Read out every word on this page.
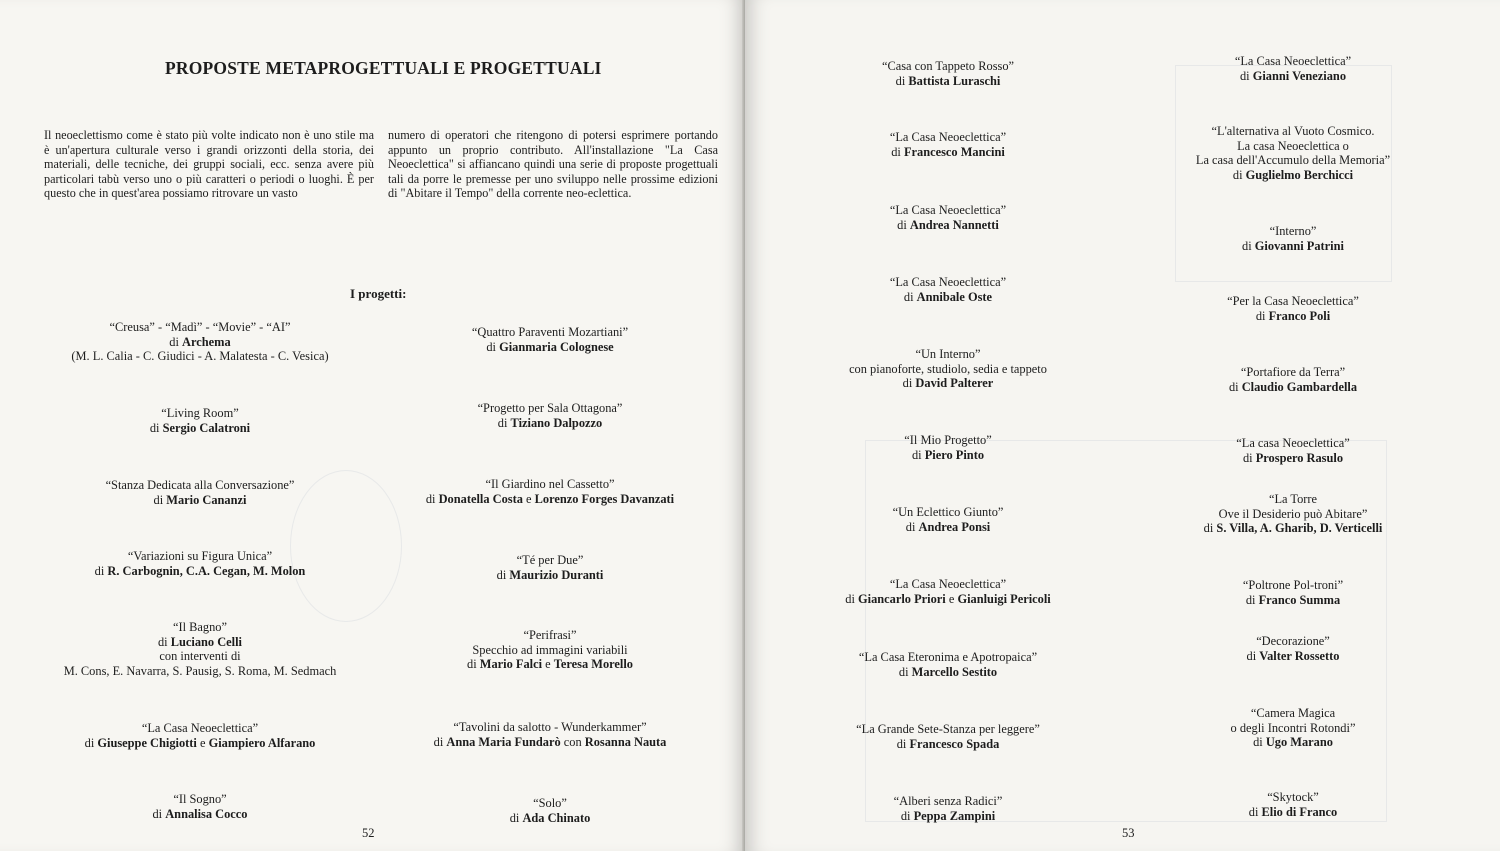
PROPOSTE METAPROGETTUALI E PROGETTUALI
Il neoeclettismo come è stato più volte indicato non è uno stile ma è un'apertura culturale verso i grandi orizzonti della storia, dei materiali, delle tecniche, dei gruppi sociali, ecc. senza avere più particolari tabù verso uno o più caratteri o periodi o luoghi. È per questo che in quest'area possiamo ritrovare un vasto
numero di operatori che ritengono di potersi esprimere portando appunto un proprio contributo. All'installazione "La Casa Neoeclettica" si affiancano quindi una serie di proposte progettuali tali da porre le premesse per uno sviluppo nelle prossime edizioni di "Abitare il Tempo" della corrente neo-eclettica.
I progetti:
“Creusa” - “Madì” - “Movie” - “AI”
di Archema
(M. L. Calia - C. Giudici - A. Malatesta - C. Vesica)
“Living Room”
di Sergio Calatroni
“Stanza Dedicata alla Conversazione”
di Mario Cananzi
“Variazioni su Figura Unica”
di R. Carbognin, C.A. Cegan, M. Molon
“Il Bagno”
di Luciano Celli
con interventi di
M. Cons, E. Navarra, S. Pausig, S. Roma, M. Sedmach
“La Casa Neoeclettica”
di Giuseppe Chigiotti e Giampiero Alfarano
“Il Sogno”
di Annalisa Cocco
“Quattro Paraventi Mozartiani”
di Gianmaria Colognese
“Progetto per Sala Ottagona”
di Tiziano Dalpozzo
“Il Giardino nel Cassetto”
di Donatella Costa e Lorenzo Forges Davanzati
“Té per Due”
di Maurizio Duranti
“Perifrasi”
Specchio ad immagini variabili
di Mario Falci e Teresa Morello
“Tavolini da salotto - Wunderkammer”
di Anna Maria Fundarò con Rosanna Nauta
“Solo”
di Ada Chinato
52
“Casa con Tappeto Rosso”
di Battista Luraschi
“La Casa Neoeclettica”
di Francesco Mancini
“La Casa Neoeclettica”
di Andrea Nannetti
“La Casa Neoeclettica”
di Annibale Oste
“Un Interno”
con pianoforte, studiolo, sedia e tappeto
di David Palterer
“Il Mio Progetto”
di Piero Pinto
“Un Eclettico Giunto”
di Andrea Ponsi
“La Casa Neoeclettica”
di Giancarlo Priori e Gianluigi Pericoli
“La Casa Eteronima e Apotropaica”
di Marcello Sestito
“La Grande Sete-Stanza per leggere”
di Francesco Spada
“Alberi senza Radici”
di Peppa Zampini
“La Casa Neoeclettica”
di Gianni Veneziano
“L'alternativa al Vuoto Cosmico.
La casa Neoeclettica o
La casa dell'Accumulo della Memoria”
di Guglielmo Berchicci
“Interno”
di Giovanni Patrini
“Per la Casa Neoeclettica”
di Franco Poli
“Portafiore da Terra”
di Claudio Gambardella
“La casa Neoeclettica”
di Prospero Rasulo
“La Torre
Ove il Desiderio può Abitare”
di S. Villa, A. Gharib, D. Verticelli
“Poltrone Pol-troni”
di Franco Summa
“Decorazione”
di Valter Rossetto
“Camera Magica
o degli Incontri Rotondi”
di Ugo Marano
“Skytock”
di Elio di Franco
53
